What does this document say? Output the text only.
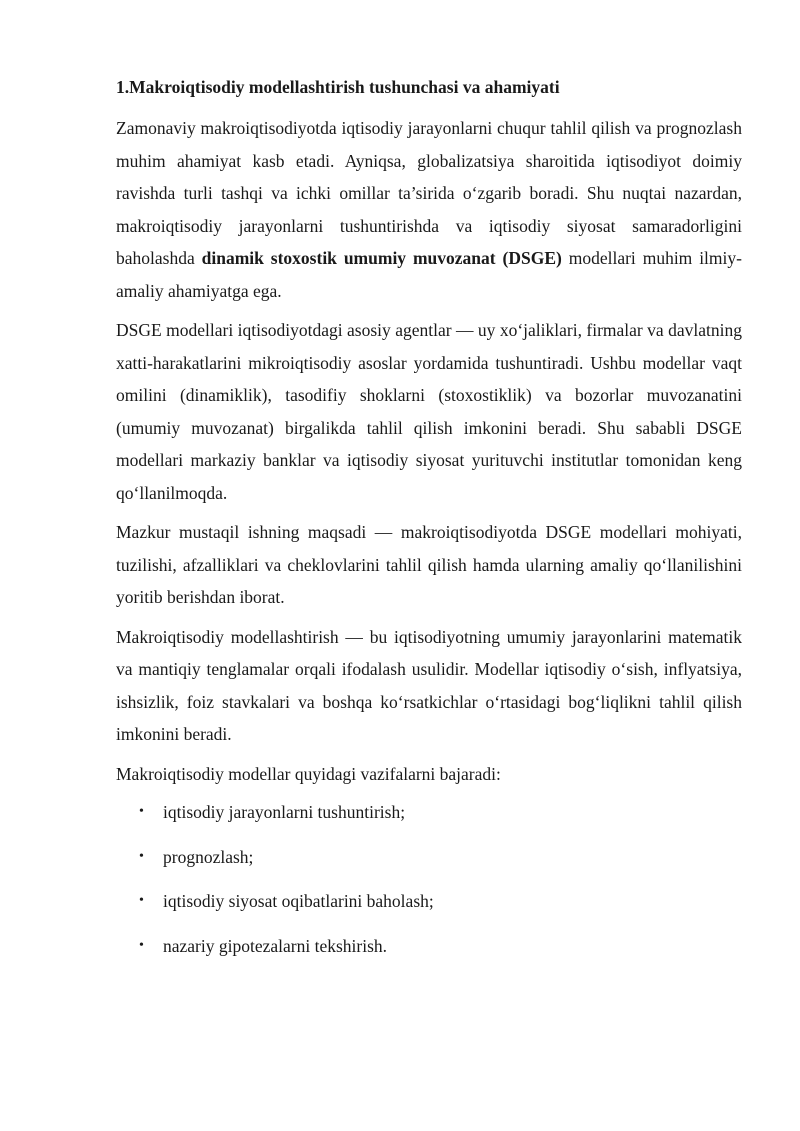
1.Makroiqtisodiy modellashtirish tushunchasi va ahamiyati

Zamonaviy makroiqtisodiyotda iqtisodiy jarayonlarni chuqur tahlil qilish va prognozlash muhim ahamiyat kasb etadi. Ayniqsa, globalizatsiya sharoitida iqtisodiyot doimiy ravishda turli tashqi va ichki omillar ta’sirida o‘zgarib boradi. Shu nuqtai nazardan, makroiqtisodiy jarayonlarni tushuntirishda va iqtisodiy siyosat samaradorligini baholashda dinamik stoxostik umumiy muvozanat (DSGE) modellari muhim ilmiy-amaliy ahamiyatga ega.

DSGE modellari iqtisodiyotdagi asosiy agentlar — uy xo‘jaliklari, firmalar va davlatning xatti-harakatlarini mikroiqtisodiy asoslar yordamida tushuntiradi. Ushbu modellar vaqt omilini (dinamiklik), tasodifiy shoklarni (stoxostiklik) va bozorlar muvozanatini (umumiy muvozanat) birgalikda tahlil qilish imkonini beradi. Shu sababli DSGE modellari markaziy banklar va iqtisodiy siyosat yurituvchi institutlar tomonidan keng qo‘llanilmoqda.

Mazkur mustaqil ishning maqsadi — makroiqtisodiyotda DSGE modellari mohiyati, tuzilishi, afzalliklari va cheklovlarini tahlil qilish hamda ularning amaliy qo‘llanilishini yoritib berishdan iborat.

Makroiqtisodiy modellashtirish — bu iqtisodiyotning umumiy jarayonlarini matematik va mantiqiy tenglamalar orqali ifodalash usulidir. Modellar iqtisodiy o‘sish, inflyatsiya, ishsizlik, foiz stavkalari va boshqa ko‘rsatkichlar o‘rtasidagi bog‘liqlikni tahlil qilish imkonini beradi.

Makroiqtisodiy modellar quyidagi vazifalarni bajaradi:

• iqtisodiy jarayonlarni tushuntirish;
• prognozlash;
• iqtisodiy siyosat oqibatlarini baholash;
• nazariy gipotezalarni tekshirish.
